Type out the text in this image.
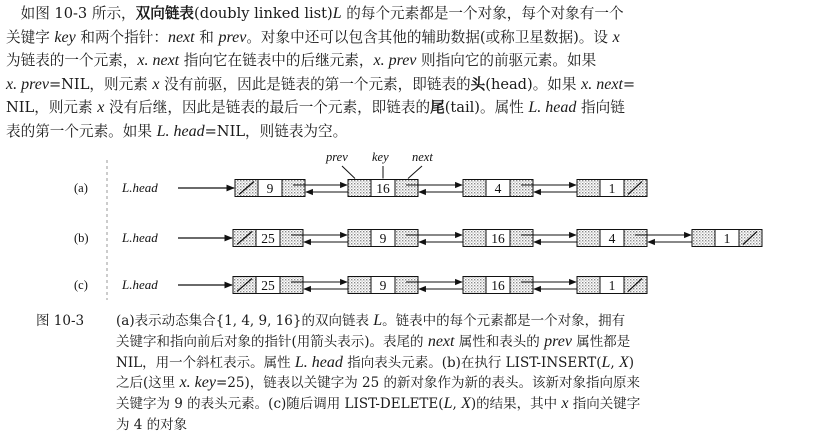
　如图 10-3 所示，双向链表(doubly linked list)L 的每个元素都是一个对象，每个对象有一个

关键字 key 和两个指针：next 和 prev。对象中还可以包含其他的辅助数据(或称卫星数据)。设 x

为链表的一个元素，x. next 指向它在链表中的后继元素，x. prev 则指向它的前驱元素。如果

x. prev=NIL，则元素 x 没有前驱，因此是链表的第一个元素，即链表的头(head)。如果 x. next=

NIL，则元素 x 没有后继，因此是链表的最后一个元素，即链表的尾(tail)。属性 L. head 指向链

表的第一个元素。如果 L. head=NIL，则链表为空。

(a)	L.head	9	16	4	1
(b)	L.head	25	9	16	4	1
(c)	L.head	25	9	16	1
prev key next
图 10-3 (a)表示动态集合{1, 4, 9, 16}的双向链表 L。链表中的每个元素都是一个对象，拥有

关键字和指向前后对象的指针(用箭头表示)。表尾的 next 属性和表头的 prev 属性都是

NIL，用一个斜杠表示。属性 L. head 指向表头元素。(b)在执行 LIST-INSERT(L, X)

之后(这里 x. key=25)，链表以关键字为 25 的新对象作为新的表头。该新对象指向原来

关键字为 9 的表头元素。(c)随后调用 LIST-DELETE(L, X)的结果，其中 x 指向关键字

为 4 的对象
